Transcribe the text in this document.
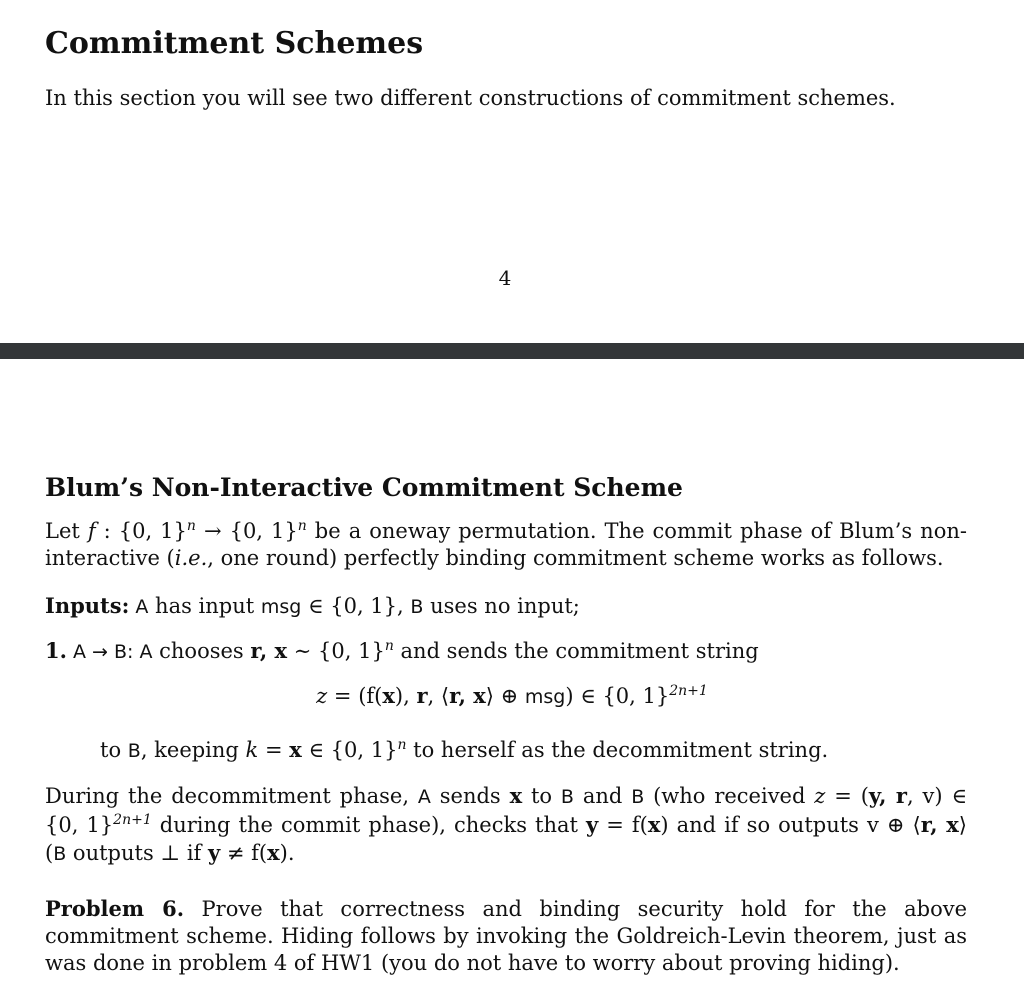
Commitment Schemes
In this section you will see two different constructions of commitment schemes.
4
Blum’s Non-Interactive Commitment Scheme
Let f : {0, 1}$^n$ → {0, 1}$^n$ be a oneway permutation. The commit phase of Blum’s non-interactive (i.e., one round) perfectly binding commitment scheme works as follows.
Inputs: A has input msg ∈ {0, 1}, B uses no input;
1. A → B: A chooses r, x ∼ {0, 1}$^n$ and sends the commitment string
z = (f(x), r, ⟨r, x⟩ ⊕ msg) ∈ {0, 1}$^{2n+1}$
to B, keeping k = x ∈ {0, 1}$^n$ to herself as the decommitment string.
During the decommitment phase, A sends x to B and B (who received z = (y, r, v) ∈ {0, 1}$^{2n+1}$ during the commit phase), checks that y = f(x) and if so outputs v ⊕ ⟨r, x⟩ (B outputs ⊥ if y ≠ f(x).
Problem 6. Prove that correctness and binding security hold for the above commitment scheme. Hiding follows by invoking the Goldreich-Levin theorem, just as was done in problem 4 of HW1 (you do not have to worry about proving hiding).
